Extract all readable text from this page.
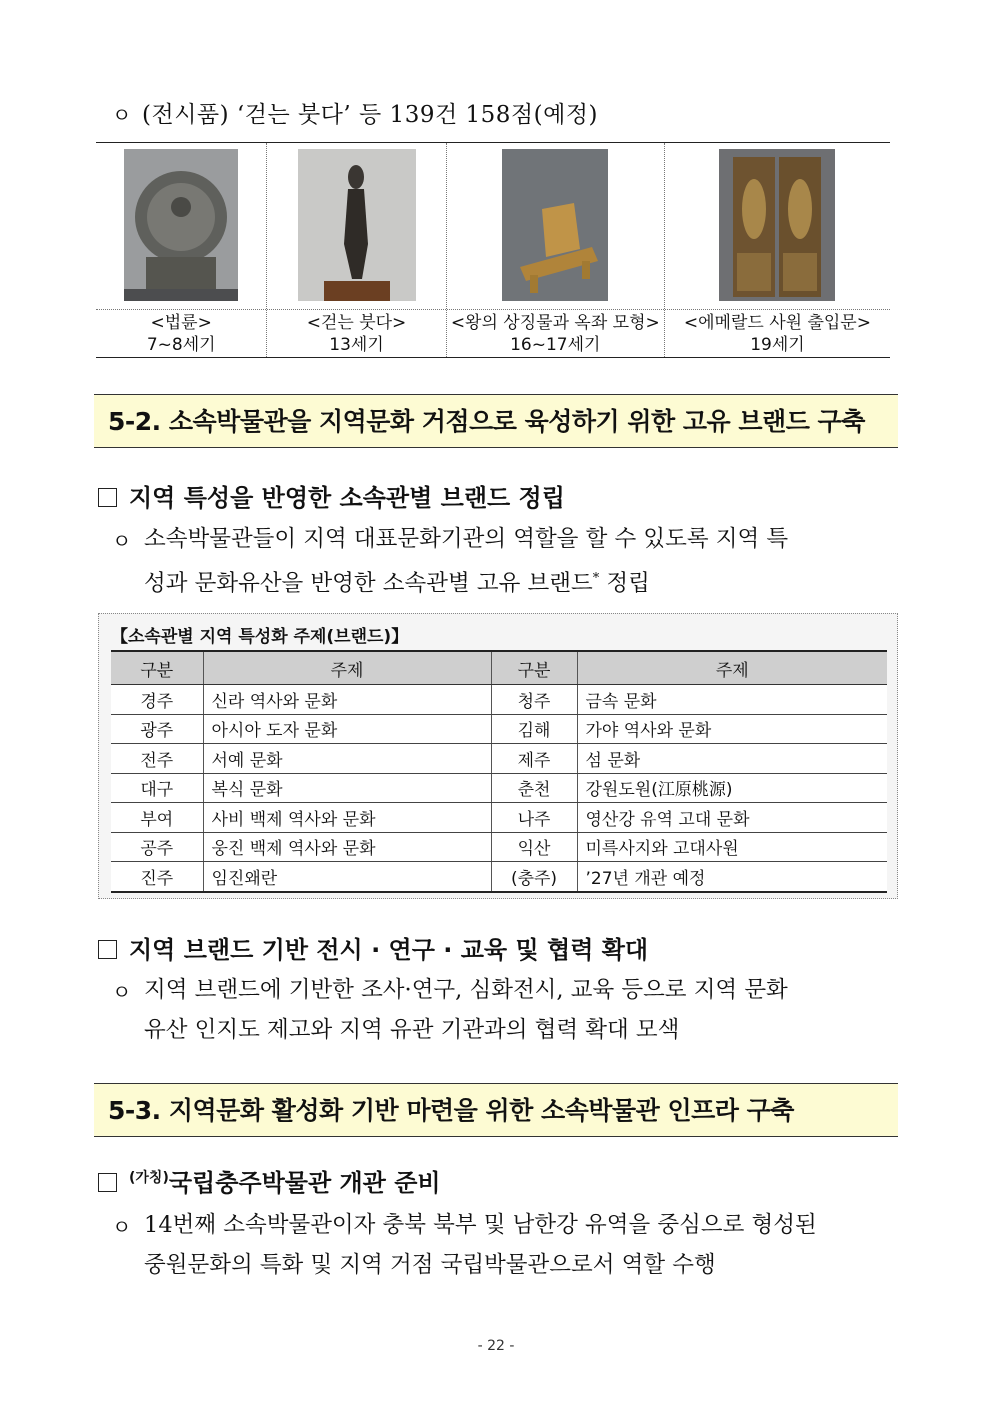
ㅇ (전시품) ‘걷는 붓다’ 등 139건 158점(예정)
<법륜>
7~8세기
<걷는 붓다>
13세기
<왕의 상징물과 옥좌 모형>
16~17세기
<에메랄드 사원 출입문>
19세기
5-2. 소속박물관을 지역문화 거점으로 육성하기 위한 고유 브랜드 구축
지역 특성을 반영한 소속관별 브랜드 정립
ㅇ 소속박물관들이 지역 대표문화기관의 역할을 할 수 있도록 지역 특
성과 문화유산을 반영한 소속관별 고유 브랜드* 정립
【소속관별 지역 특성화 주제(브랜드)】
구분	주제	구분	주제
경주	신라 역사와 문화	청주	금속 문화
광주	아시아 도자 문화	김해	가야 역사와 문화
전주	서예 문화	제주	섬 문화
대구	복식 문화	춘천	강원도원(江原桃源)
부여	사비 백제 역사와 문화	나주	영산강 유역 고대 문화
공주	웅진 백제 역사와 문화	익산	미륵사지와 고대사원
진주	임진왜란	(충주)	’27년 개관 예정
지역 브랜드 기반 전시 · 연구 · 교육 및 협력 확대
ㅇ 지역 브랜드에 기반한 조사·연구, 심화전시, 교육 등으로 지역 문화
유산 인지도 제고와 지역 유관 기관과의 협력 확대 모색
5-3. 지역문화 활성화 기반 마련을 위한 소속박물관 인프라 구축
$^{(가칭)}$국립충주박물관 개관 준비
ㅇ 14번째 소속박물관이자 충북 북부 및 남한강 유역을 중심으로 형성된
중원문화의 특화 및 지역 거점 국립박물관으로서 역할 수행
- 22 -
